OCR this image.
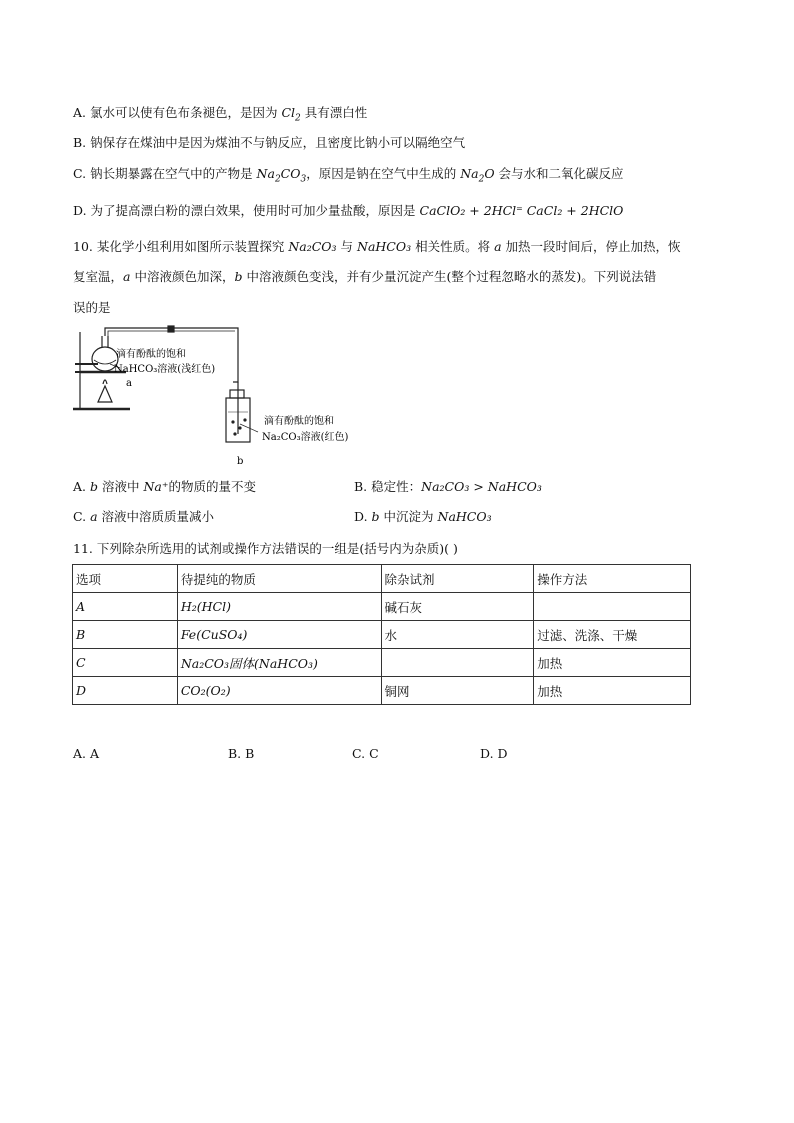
A. 氯水可以使有色布条褪色，是因为 $Cl_2$ 具有漂白性
B. 钠保存在煤油中是因为煤油不与钠反应，且密度比钠小可以隔绝空气
C. 钠长期暴露在空气中的产物是 $Na_2CO_3$，原因是钠在空气中生成的 $Na_2O$ 会与水和二氧化碳反应
D. 为了提高漂白粉的漂白效果，使用时可加少量盐酸，原因是 CaClO₂ + 2HCl⁼ CaCl₂ + 2HClO
10. 某化学小组利用如图所示装置探究 Na₂CO₃ 与 NaHCO₃ 相关性质。将 a 加热一段时间后，停止加热，恢
复室温，a 中溶液颜色加深，b 中溶液颜色变浅，并有少量沉淀产生(整个过程忽略水的蒸发)。下列说法错
误的是
滴有酚酞的饱和
NaHCO₃溶液(浅红色)
a
滴有酚酞的饱和
Na₂CO₃溶液(红色)
b
A. b 溶液中 Na⁺的物质的量不变	B. 稳定性：Na₂CO₃ > NaHCO₃
C. a 溶液中溶质质量减小	D. b 中沉淀为 NaHCO₃
11. 下列除杂所选用的试剂或操作方法错误的一组是(括号内为杂质)( )
选项	待提纯的物质	除杂试剂	操作方法
A	H₂(HCl)	碱石灰	
B	Fe(CuSO₄)	水	过滤、洗涤、干燥
C	Na₂CO₃固体(NaHCO₃)		加热
D	CO₂(O₂)	铜网	加热
A. A	B. B	C. C	D. D
